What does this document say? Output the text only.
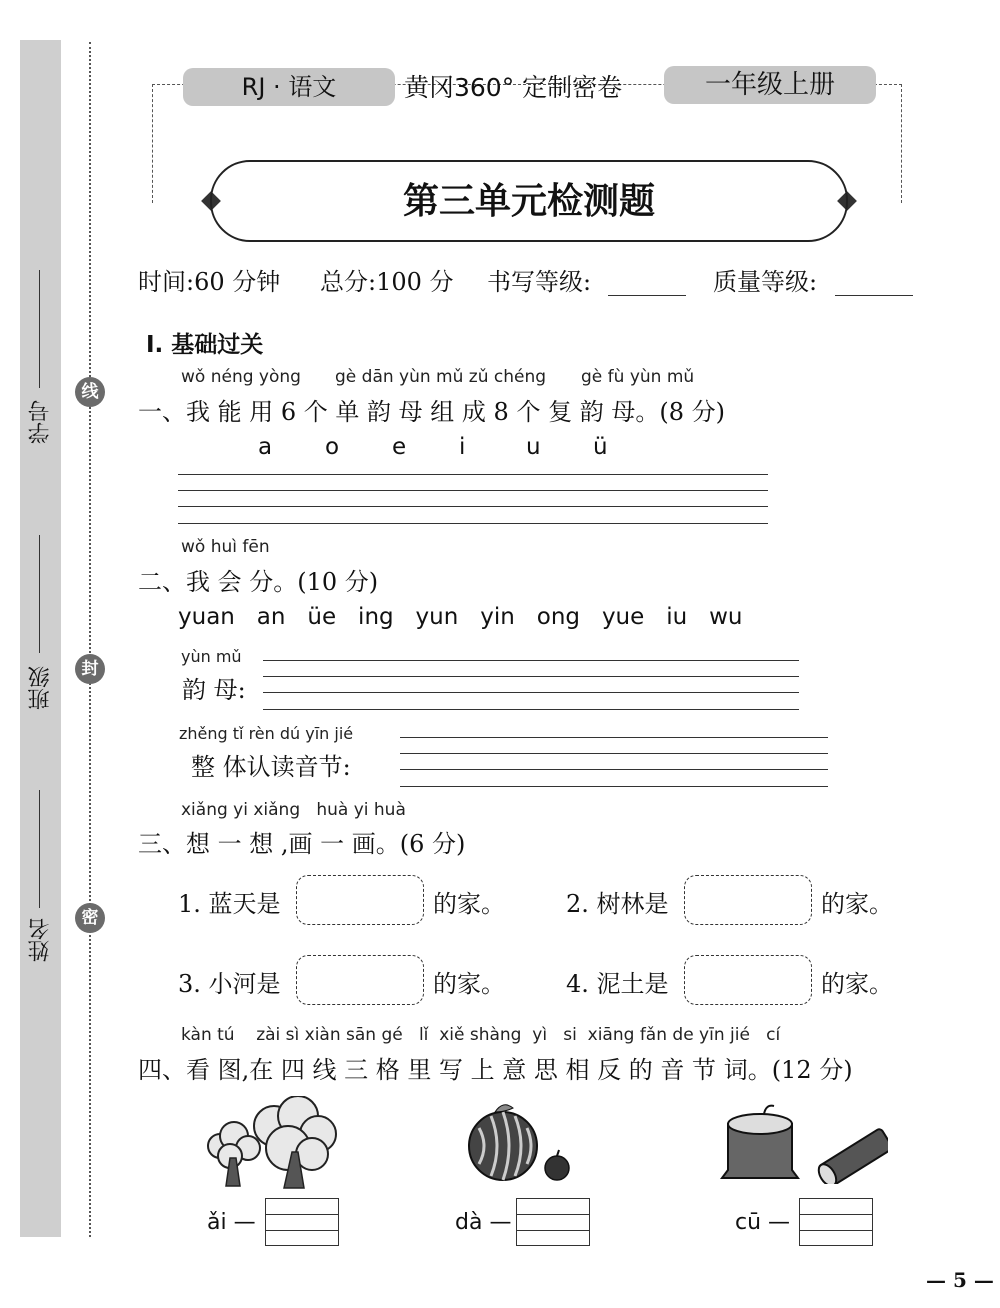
线
封
密
学号
班级
姓名
RJ · 语文	黄冈360° 定制密卷	一年级上册
第三单元检测题
时间:60 分钟 总分:100 分 书写等级:	质量等级:
Ⅰ. 基础过关
wǒ néng yòng gè dān yùn mǔ zǔ chéng gè fù yùn mǔ
一、我 能 用 6 个 单 韵 母 组 成 8 个 复 韵 母。(8 分)
a o e i	u ü
wǒ huì fēn
二、我 会 分。(10 分)
yuan   an   üe   ing   yun   yin   ong   yue   iu   wu
yùn mǔ
韵 母:
zhěng tǐ rèn dú yīn jié
整 体认读音节:
xiǎng yi xiǎng   huà yi huà
三、想 一 想 ,画 一 画。(6 分)
1. 蓝天是	的家。	2. 树林是	的家。
3. 小河是	的家。	4. 泥土是	的家。
kàn tú    zài sì xiàn sān gé   lǐ  xiě shàng  yì   si  xiāng fǎn de yīn jié   cí
四、看 图,在 四 线 三 格 里 写 上 意 思 相 反 的 音 节 词。(12 分)
ǎi —	dà —	cū —
— 5 —
